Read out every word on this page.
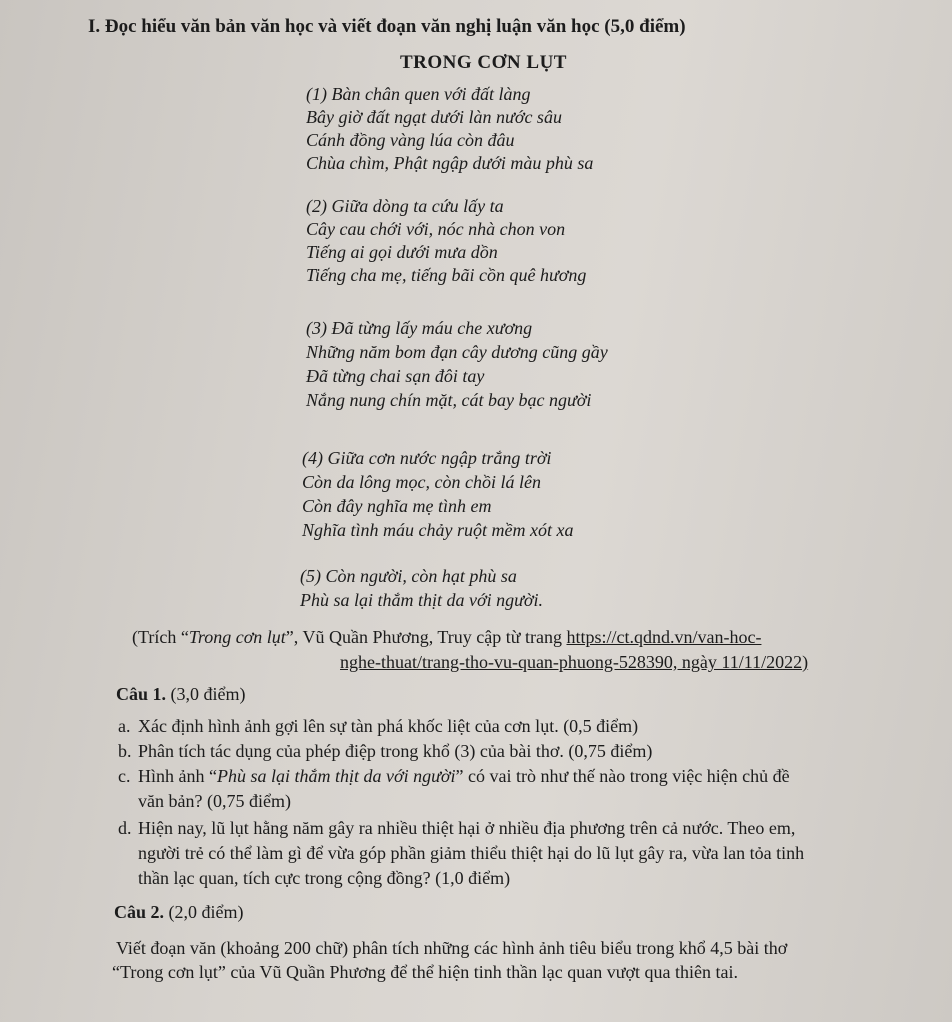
I. Đọc hiểu văn bản văn học và viết đoạn văn nghị luận văn học (5,0 điểm)
TRONG CƠN LỤT
(1) Bàn chân quen với đất làng
Bây giờ đất ngạt dưới làn nước sâu
Cánh đồng vàng lúa còn đâu
Chùa chìm, Phật ngập dưới màu phù sa
(2) Giữa dòng ta cứu lấy ta
Cây cau chới với, nóc nhà chon von
Tiếng ai gọi dưới mưa dồn
Tiếng cha mẹ, tiếng bãi cồn quê hương
(3) Đã từng lấy máu che xương
Những năm bom đạn cây dương cũng gầy
Đã từng chai sạn đôi tay
Nắng nung chín mặt, cát bay bạc người
(4) Giữa cơn nước ngập trắng trời
Còn da lông mọc, còn chồi lá lên
Còn đây nghĩa mẹ tình em
Nghĩa tình máu chảy ruột mềm xót xa
(5) Còn người, còn hạt phù sa
Phù sa lại thắm thịt da với người.
(Trích “Trong cơn lụt”, Vũ Quần Phương, Truy cập từ trang https://ct.qdnd.vn/van-hoc-
nghe-thuat/trang-tho-vu-quan-phuong-528390, ngày 11/11/2022)
Câu 1. (3,0 điểm)
a. Xác định hình ảnh gợi lên sự tàn phá khốc liệt của cơn lụt. (0,5 điểm)
b. Phân tích tác dụng của phép điệp trong khổ (3) của bài thơ. (0,75 điểm)
c. Hình ảnh “Phù sa lại thắm thịt da với người” có vai trò như thế nào trong việc hiện chủ đề
văn bản? (0,75 điểm)
d. Hiện nay, lũ lụt hằng năm gây ra nhiều thiệt hại ở nhiều địa phương trên cả nước. Theo em,
người trẻ có thể làm gì để vừa góp phần giảm thiểu thiệt hại do lũ lụt gây ra, vừa lan tỏa tinh
thần lạc quan, tích cực trong cộng đồng? (1,0 điểm)
Câu 2. (2,0 điểm)
Viết đoạn văn (khoảng 200 chữ) phân tích những các hình ảnh tiêu biểu trong khổ 4,5 bài thơ
“Trong cơn lụt” của Vũ Quần Phương để thể hiện tinh thần lạc quan vượt qua thiên tai.
